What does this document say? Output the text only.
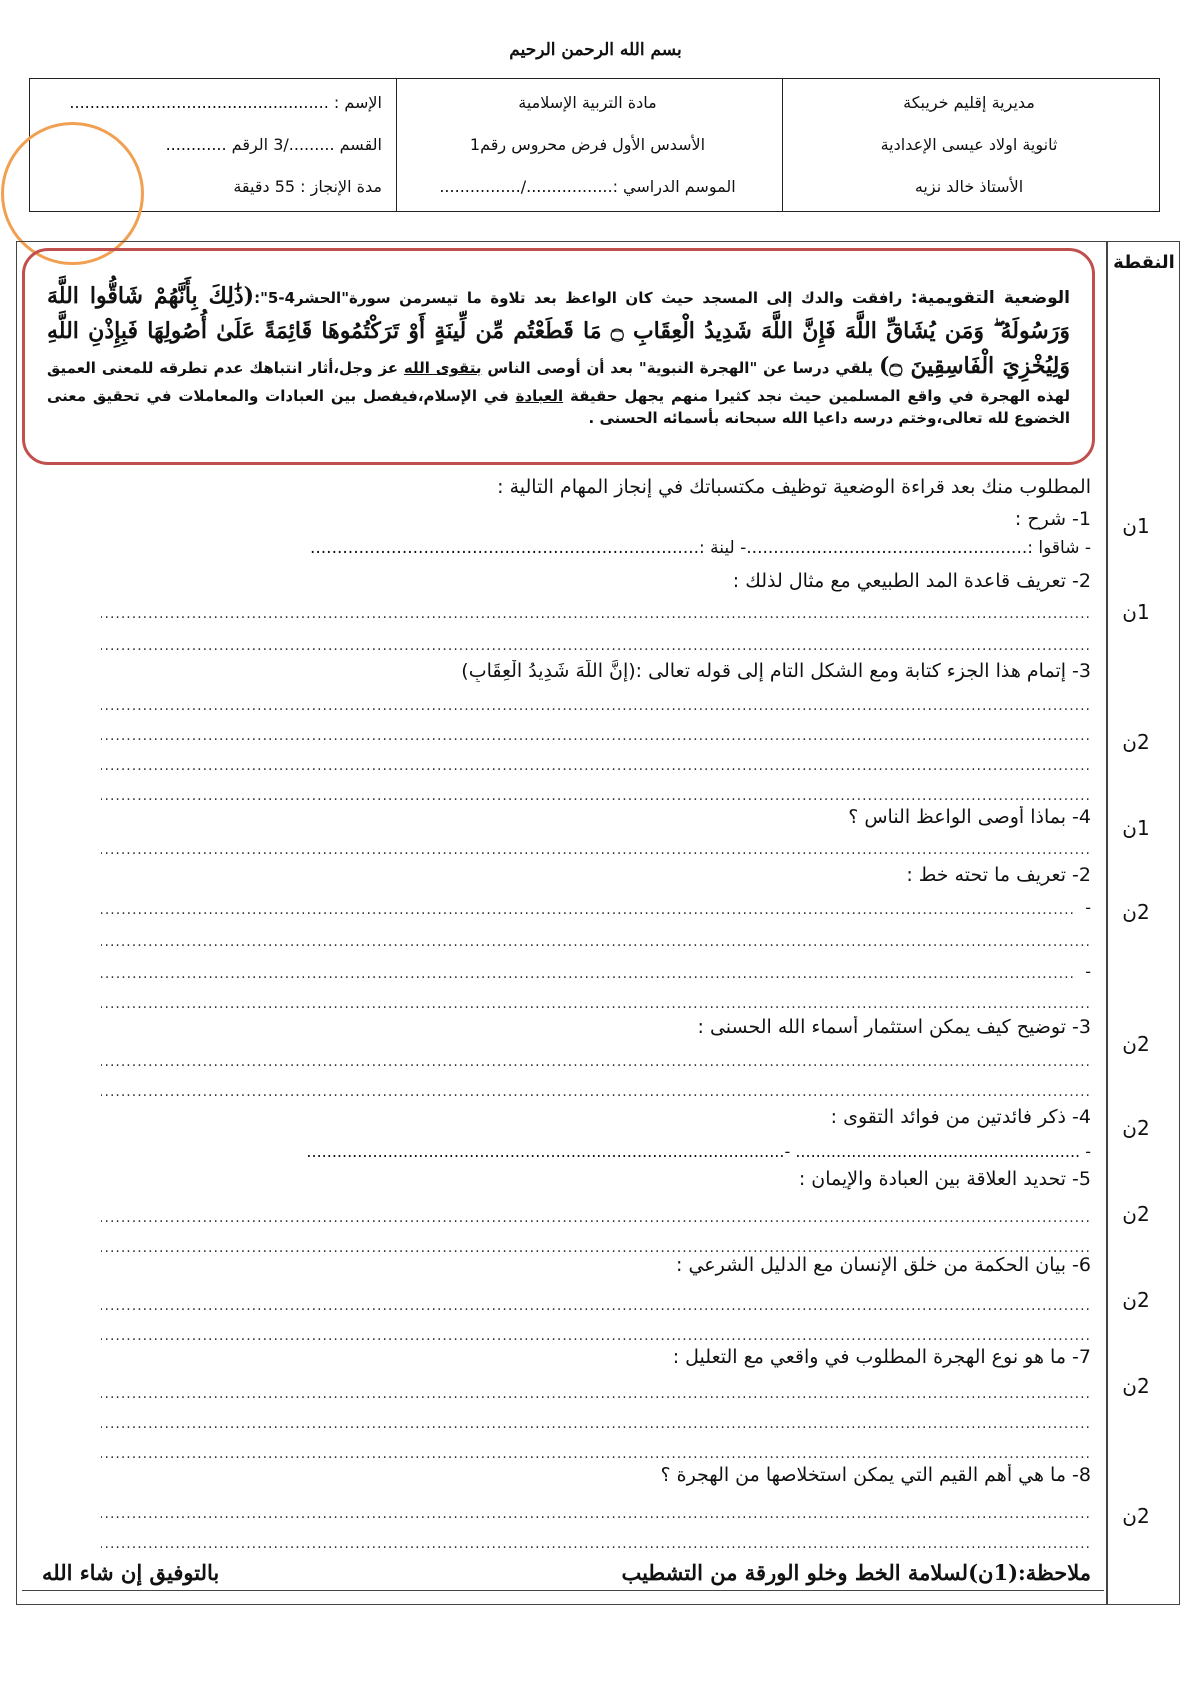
بسم الله الرحمن الرحيم
مديرية إقليم خريبكة
ثانوية اولاد عيسى الإعدادية
الأستاذ خالد نزيه

مادة التربية الإسلامية
الأسدس الأول فرض محروس رقم1
الموسم الدراسي :................./................

الإسم : ...................................................
القسم ........./3 الرقم ............
مدة الإنجاز : 55 دقيقة
النقطة
الوضعية التقويمية: رافقت والدك إلى المسجد حيث كان الواعظ بعد تلاوة ما تيسرمن سورة"الحشر4-5":(ذَٰلِكَ بِأَنَّهُمْ شَاقُّوا اللَّهَ وَرَسُولَهُ ۖ وَمَن يُشَاقِّ اللَّهَ فَإِنَّ اللَّهَ شَدِيدُ الْعِقَابِ ۝ مَا قَطَعْتُم مِّن لِّينَةٍ أَوْ تَرَكْتُمُوهَا قَائِمَةً عَلَىٰ أُصُولِهَا فَبِإِذْنِ اللَّهِ وَلِيُخْزِيَ الْفَاسِقِينَ ۝) يلقي درسا عن "الهجرة النبوية" بعد أن أوصى الناس بتقوى الله عز وجل،أثار انتباهك عدم تطرقه للمعنى العميق لهذه الهجرة في واقع المسلمين حيث نجد كثيرا منهم يجهل حقيقة العبادة في الإسلام،فيفصل بين العبادات والمعاملات في تحقيق معنى الخضوع لله تعالى،وختم درسه داعيا الله سبحانه بأسمائه الحسنى .
المطلوب منك بعد قراءة الوضعية توظيف مكتسباتك في إنجاز المهام التالية :
1- شرح :
- شاقوا :....................................................- لينة :........................................................................
1ن
2- تعريف قاعدة المد الطبيعي مع مثال لذلك :
.....
.....
1ن
3- إتمام هذا الجزء كتابة ومع الشكل التام إلى قوله تعالى :(إِنَّ اللَّهَ شَدِيدُ الْعِقَابِ)
.....
.....
.....
.....
2ن
4- بماذا أوصى الواعظ الناس ؟
.....	1ن
2- تعريف ما تحته خط :
.....
-
.....
.....
-
.....
2ن
3- توضيح كيف يمكن استثمار أسماء الله الحسنى :
.....
.....
2ن
4- ذكر فائدتين من فوائد التقوى :
- ........................................................ -..............................................................................................
2ن
5- تحديد العلاقة بين العبادة والإيمان :
.....
.....
2ن
6- بيان الحكمة من خلق الإنسان مع الدليل الشرعي :
.....
.....
2ن
7- ما هو نوع الهجرة المطلوب في واقعي مع التعليل :
.....
.....
.....
2ن
8- ما هي أهم القيم التي يمكن استخلاصها من الهجرة ؟
.....
.....
2ن
ملاحظة:(1ن)لسلامة الخط وخلو الورقة من التشطيب
بالتوفيق إن شاء الله
